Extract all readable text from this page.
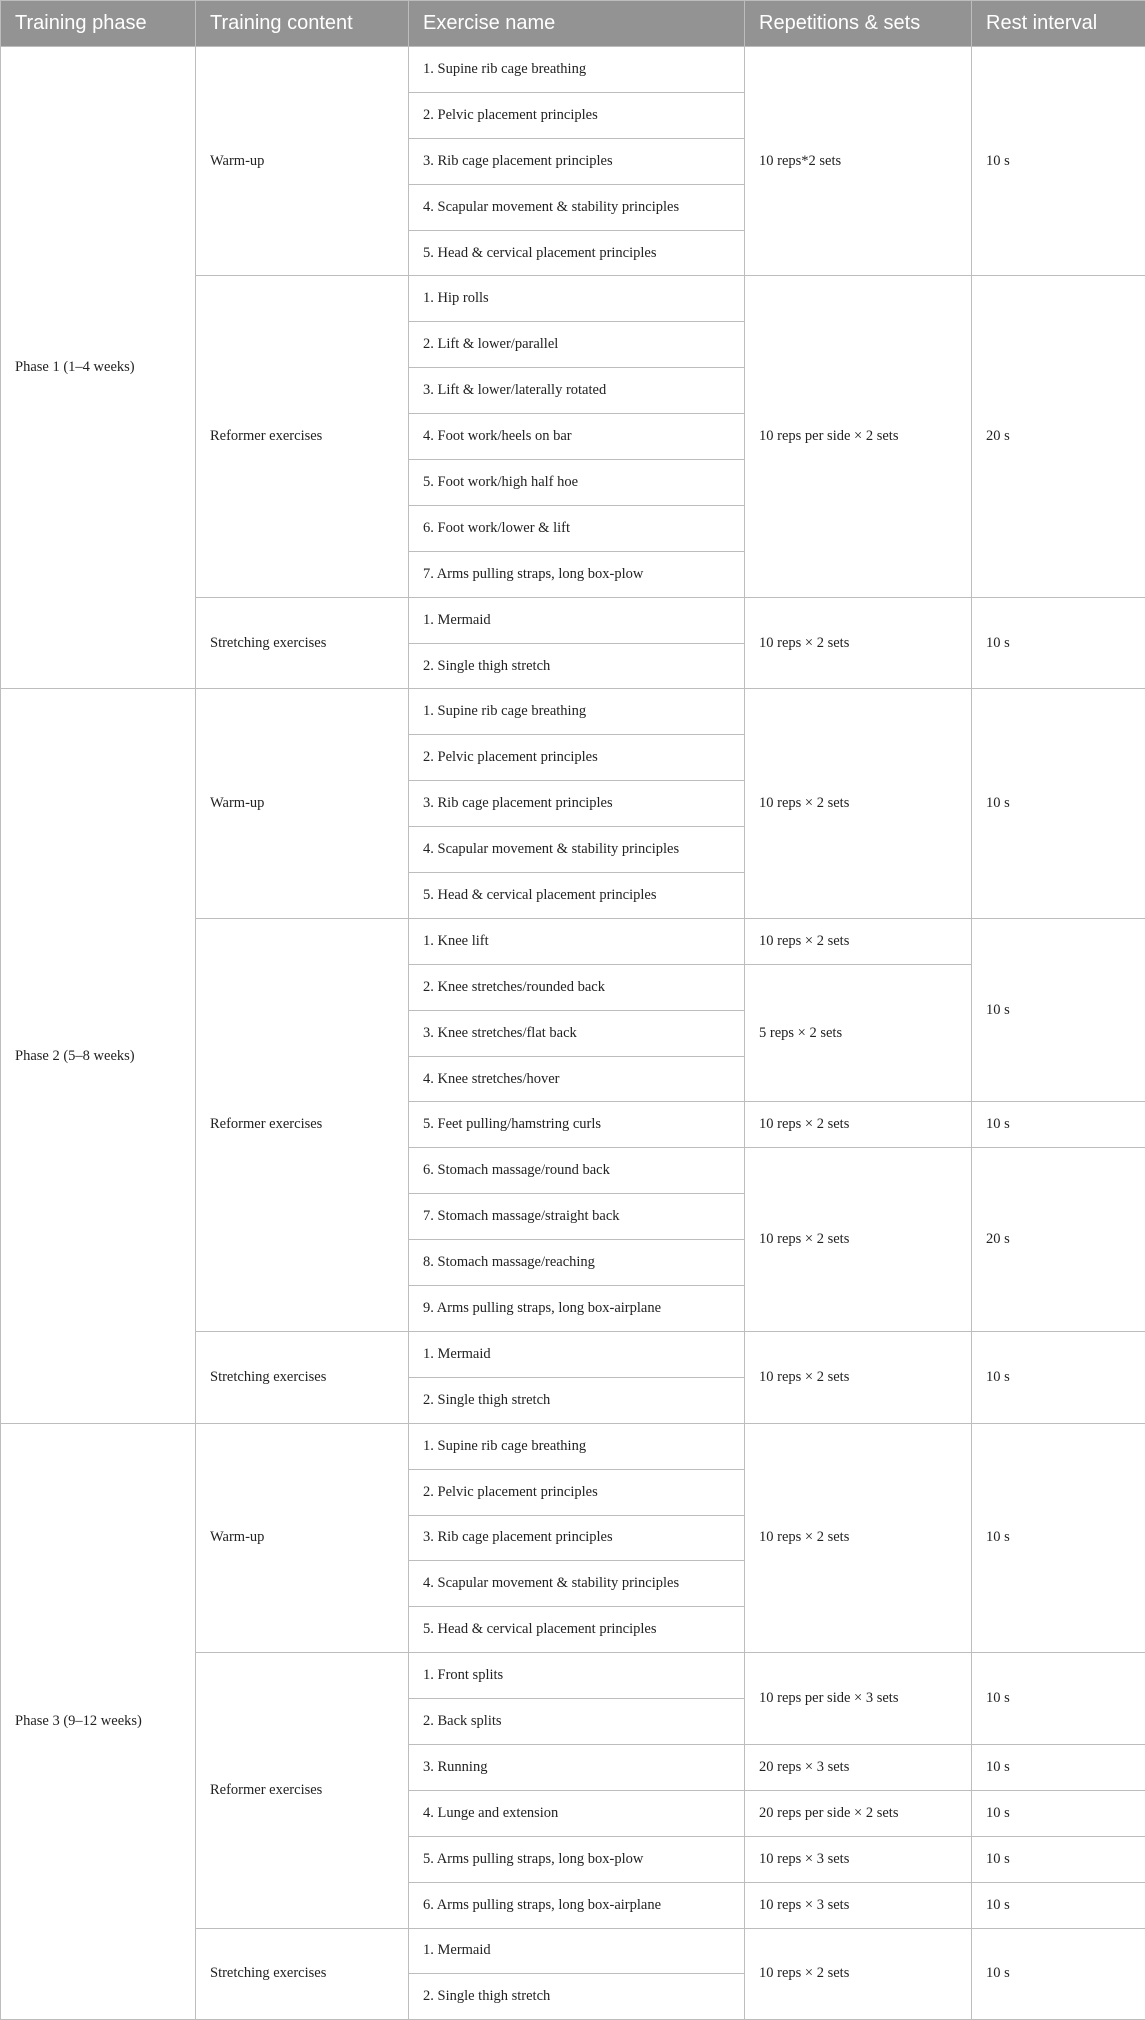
Training phase	Training content	Exercise name	Repetitions & sets	Rest interval
Phase 1 (1–4 weeks)	Warm-up	1. Supine rib cage breathing	10 reps*2 sets	10 s
		2. Pelvic placement principles		
		3. Rib cage placement principles		
		4. Scapular movement & stability principles		
		5. Head & cervical placement principles		
	Reformer exercises	1. Hip rolls	10 reps per side × 2 sets	20 s
		2. Lift & lower/parallel		
		3. Lift & lower/laterally rotated		
		4. Foot work/heels on bar		
		5. Foot work/high half hoe		
		6. Foot work/lower & lift		
		7. Arms pulling straps, long box-plow		
	Stretching exercises	1. Mermaid	10 reps × 2 sets	10 s
		2. Single thigh stretch		
Phase 2 (5–8 weeks)	Warm-up	1. Supine rib cage breathing	10 reps × 2 sets	10 s
		2. Pelvic placement principles		
		3. Rib cage placement principles		
		4. Scapular movement & stability principles		
		5. Head & cervical placement principles		
	Reformer exercises	1. Knee lift	10 reps × 2 sets	10 s
		2. Knee stretches/rounded back	5 reps × 2 sets	
		3. Knee stretches/flat back		
		4. Knee stretches/hover		
		5. Feet pulling/hamstring curls	10 reps × 2 sets	10 s
		6. Stomach massage/round back	10 reps × 2 sets	20 s
		7. Stomach massage/straight back		
		8. Stomach massage/reaching		
		9. Arms pulling straps, long box-airplane		
	Stretching exercises	1. Mermaid	10 reps × 2 sets	10 s
		2. Single thigh stretch		
Phase 3 (9–12 weeks)	Warm-up	1. Supine rib cage breathing	10 reps × 2 sets	10 s
		2. Pelvic placement principles		
		3. Rib cage placement principles		
		4. Scapular movement & stability principles		
		5. Head & cervical placement principles		
	Reformer exercises	1. Front splits	10 reps per side × 3 sets	10 s
		2. Back splits		
		3. Running	20 reps × 3 sets	10 s
		4. Lunge and extension	20 reps per side × 2 sets	10 s
		5. Arms pulling straps, long box-plow	10 reps × 3 sets	10 s
		6. Arms pulling straps, long box-airplane	10 reps × 3 sets	10 s
	Stretching exercises	1. Mermaid	10 reps × 2 sets	10 s
		2. Single thigh stretch		
